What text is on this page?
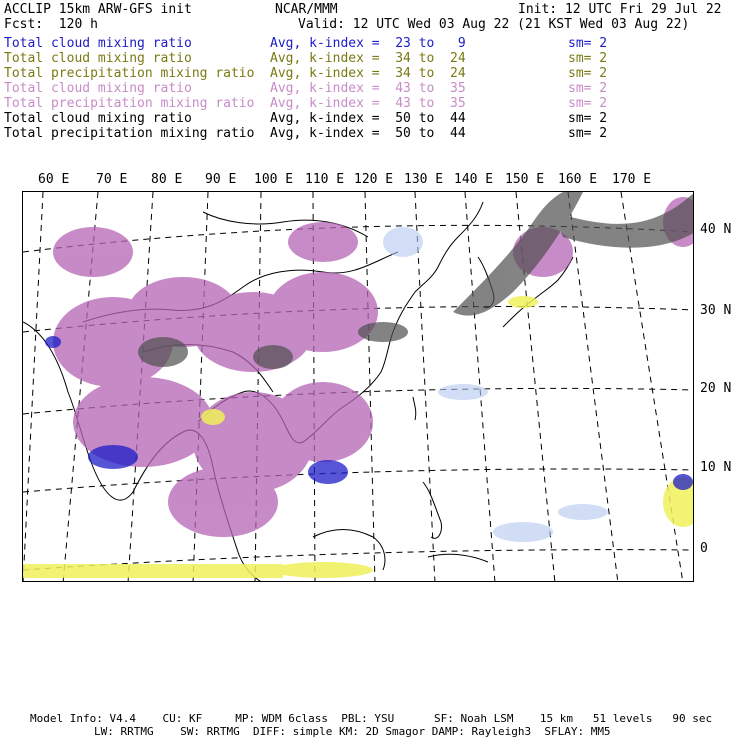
ACCLIP 15km ARW-GFS init	NCAR/MMM	Init: 12 UTC Fri 29 Jul 22
Fcst:  120 h	Valid: 12 UTC Wed 03 Aug 22 (21 KST Wed 03 Aug 22)
Total cloud mixing ratio	Avg, k-index =  23 to   9	sm= 2
Total cloud mixing ratio	Avg, k-index =  34 to  24	sm= 2
Total precipitation mixing ratio Avg, k-index =  34 to  24	sm= 2
Total cloud mixing ratio	Avg, k-index =  43 to  35	sm= 2
Total precipitation mixing ratio Avg, k-index =  43 to  35	sm= 2
Total cloud mixing ratio	Avg, k-index =  50 to  44	sm= 2
Total precipitation mixing ratio Avg, k-index =  50 to  44	sm= 2
60 E 70 E 80 E 90 E 100 E 110 E 120 E 130 E 140 E 150 E 160 E 170 E
40 N
30 N
20 N
10 N
0
Model Info: V4.4    CU: KF     MP: WDM 6class  PBL: YSU      SF: Noah LSM    15 km   51 levels   90 sec
LW: RRTMG    SW: RRTMG  DIFF: simple KM: 2D Smagor DAMP: Rayleigh3  SFLAY: MM5
